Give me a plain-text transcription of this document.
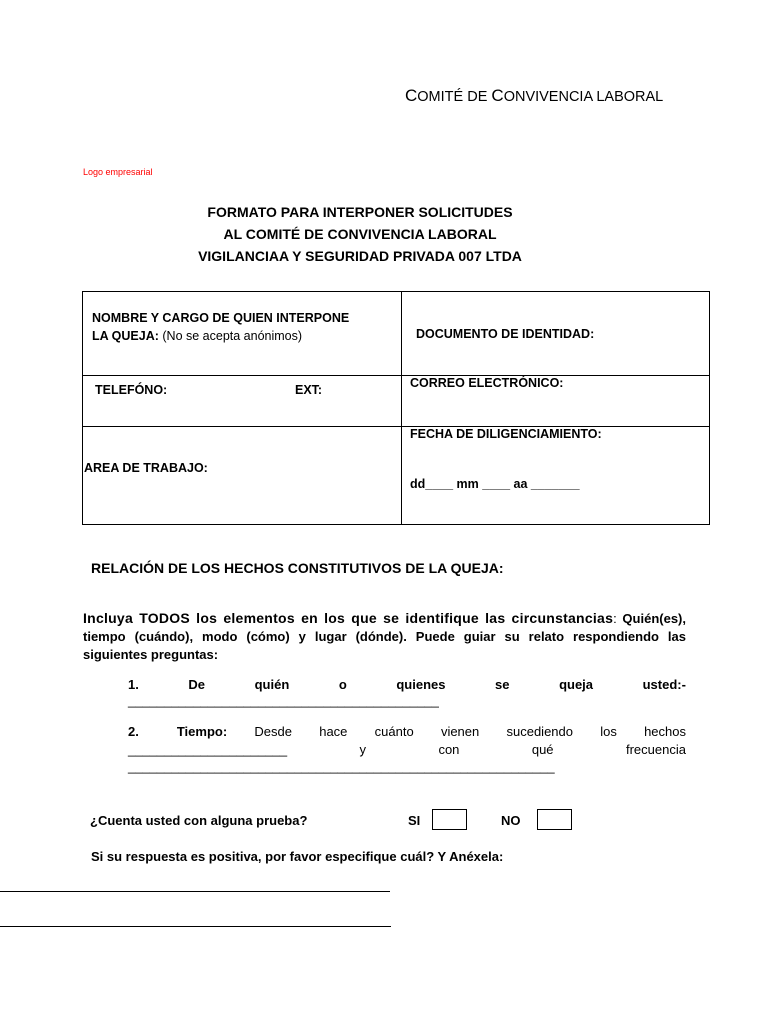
COMITÉ DE CONVIVENCIA LABORAL
Logo empresarial
FORMATO PARA INTERPONER SOLICITUDES
AL COMITÉ DE CONVIVENCIA LABORAL
VIGILANCIAA Y SEGURIDAD PRIVADA 007 LTDA
NOMBRE Y CARGO DE QUIEN INTERPONE
LA QUEJA: (No se acepta anónimos)	DOCUMENTO DE IDENTIDAD:

TELEFÓNO: EXT:	CORREO ELECTRÓNICO:

AREA DE TRABAJO:	FECHA DE DILIGENCIAMIENTO:
dd____ mm ____ aa _______
RELACIÓN DE LOS HECHOS CONSTITUTIVOS DE LA QUEJA:
Incluya TODOS los elementos en los que se identifique las circunstancias: Quién(es), tiempo (cuándo), modo (cómo) y lugar (dónde). Puede guiar su relato respondiendo las siguientes preguntas:
1.	De	quién	o	quienes	se	queja	usted:-
___________________________________________
2.	Tiempo: Desde hace cuánto vienen sucediendo los hechos
______________________	y	con	qué	frecuencia
___________________________________________________________
¿Cuenta usted con alguna prueba?	SI	NO
Si su respuesta es positiva, por favor especifique cuál? Y Anéxela:
